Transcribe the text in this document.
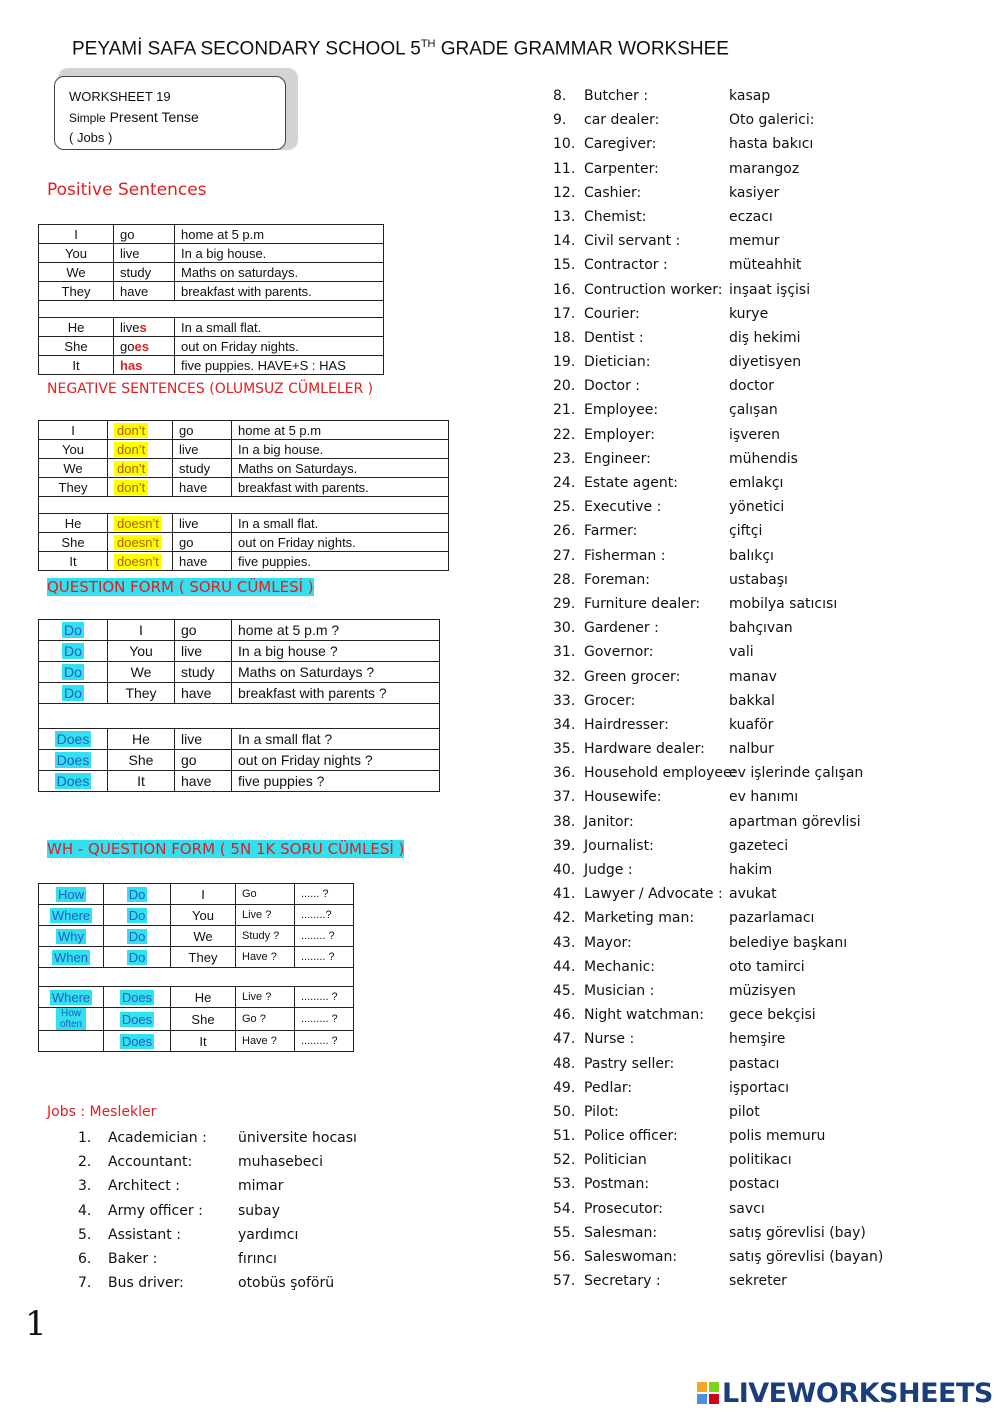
PEYAMİ SAFA SECONDARY SCHOOL 5TH GRADE GRAMMAR WORKSHEE
WORKSHEET 19
Simple Present Tense
( Jobs )
Positive Sentences
I	go	home at 5 p.m
You	live	In a big house.
We	study	Maths on saturdays.
They	have	breakfast with parents.

He	lives	In a small flat.
She	goes	out on Friday nights.
It	has	five puppies. HAVE+S : HAS
NEGATIVE SENTENCES (OLUMSUZ CÜMLELER )
I	don’t	go	home at 5 p.m
You	don’t	live	In a big house.
We	don’t	study	Maths on Saturdays.
They	don’t	have	breakfast with parents.

He	doesn’t	live	In a small flat.
She	doesn’t	go	out on Friday nights.
It	doesn’t	have	five puppies.
QUESTION FORM ( SORU CÜMLESİ )
Do	I	go	home at 5 p.m ?
Do	You	live	In a big house ?
Do	We	study	Maths on Saturdays ?
Do	They	have	breakfast with parents ?

Does	He	live	In a small flat ?
Does	She	go	out on Friday nights ?
Does	It	have	five puppies ?
WH - QUESTION FORM ( 5N 1K SORU CÜMLESİ )
How	Do	I	Go	...... ?
Where	Do	You	Live ?	........?
Why	Do	We	Study ?	........ ?
When	Do	They	Have ?	........ ?

Where	Does	He	Live ?	......... ?
How often	Does	She	Go ?	......... ?
	Does	It	Have ?	......... ?
Jobs : Meslekler
1. Academician : üniversite hocası
2. Accountant:	muhasebeci
3. Architect :	mimar
4. Army officer :	subay
5. Assistant :	yardımcı
6. Baker :	fırıncı
7. Bus driver:	otobüs şoförü
8. Butcher :	kasap
9. car dealer:	Oto galerici:
10. Caregiver:	hasta bakıcı
11. Carpenter:	marangoz
12. Cashier:	kasiyer
13. Chemist:	eczacı
14. Civil servant :	memur
15. Contractor :	müteahhit
16. Contruction worker: inşaat işçisi
17. Courier:	kurye
18. Dentist :	diş hekimi
19. Dietician:	diyetisyen
20. Doctor :	doctor
21. Employee:	çalışan
22. Employer:	işveren
23. Engineer:	mühendis
24. Estate agent:	emlakçı
25. Executive :	yönetici
26. Farmer:	çiftçi
27. Fisherman :	balıkçı
28. Foreman:	ustabaşı
29. Furniture dealer: mobilya satıcısı
30. Gardener :	bahçıvan
31. Governor:	vali
32. Green grocer:	manav
33. Grocer:	bakkal
34. Hairdresser:	kuaför
35. Hardware dealer: nalbur
36. Household employee:
ev işlerinde çalışan
37. Housewife:	ev hanımı
38. Janitor:	apartman görevlisi
39. Journalist:	gazeteci
40. Judge :	hakim
41. Lawyer / Advocate : avukat
42. Marketing man: pazarlamacı
43. Mayor:	belediye başkanı
44. Mechanic:	oto tamirci
45. Musician :	müzisyen
46. Night watchman: gece bekçisi
47. Nurse :	hemşire
48. Pastry seller:	pastacı
49. Pedlar:	işportacı
50. Pilot:	pilot
51. Police officer:	polis memuru
52. Politician	politikacı
53. Postman:	postacı
54. Prosecutor:	savcı
55. Salesman:	satış görevlisi (bay)
56. Saleswoman:	satış görevlisi (bayan)
57. Secretary :	sekreter
1
LIVEWORKSHEETS
